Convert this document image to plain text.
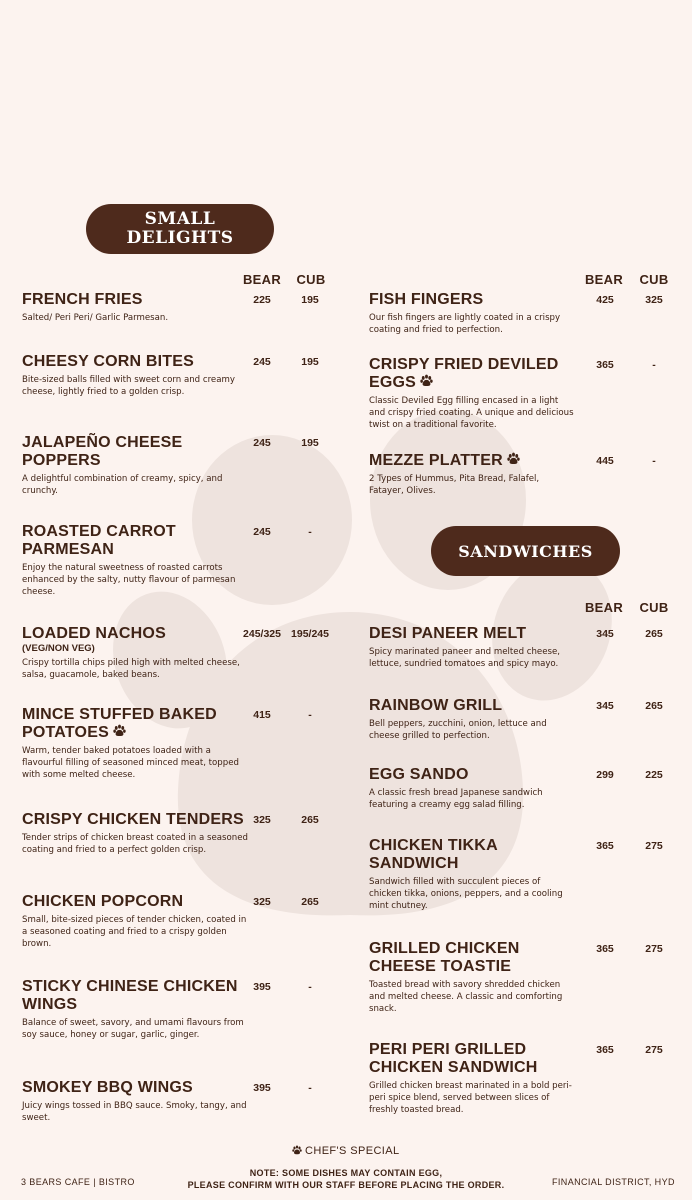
SMALL
DELIGHTS
SANDWICHES
BEAR	CUB	BEAR	CUB
BEAR	CUB
FRENCH FRIES
Salted/ Peri Peri/ Garlic Parmesan.
225	195
CHEESY CORN BITES
Bite-sized balls filled with sweet corn and creamy cheese, lightly fried to a golden crisp.
245	195
JALAPEÑO CHEESE POPPERS
A delightful combination of creamy, spicy, and crunchy.
245	195
ROASTED CARROT PARMESAN
Enjoy the natural sweetness of roasted carrots enhanced by the salty, nutty flavour of parmesan cheese.
245	-
LOADED NACHOS
(VEG/NON VEG)
Crispy tortilla chips piled high with melted cheese, salsa, guacamole, baked beans.
245/325 195/245
MINCE STUFFED BAKED POTATOES
Warm, tender baked potatoes loaded with a flavourful filling of seasoned minced meat, topped with some melted cheese.
415	-
CRISPY CHICKEN TENDERS
Tender strips of chicken breast coated in a seasoned coating and fried to a perfect golden crisp.
325	265
CHICKEN POPCORN
Small, bite-sized pieces of tender chicken, coated in a seasoned coating and fried to a crispy golden brown.
325	265
STICKY CHINESE CHICKEN WINGS
Balance of sweet, savory, and umami flavours from soy sauce, honey or sugar, garlic, ginger.
395	-
SMOKEY BBQ WINGS
Juicy wings tossed in BBQ sauce. Smoky, tangy, and sweet.
395	-
FISH FINGERS
Our fish fingers are lightly coated in a crispy coating and fried to perfection.
425	325
CRISPY FRIED DEVILED EGGS
Classic Deviled Egg filling encased in a light and crispy fried coating. A unique and delicious twist on a traditional favorite.
365	-
MEZZE PLATTER
2 Types of Hummus, Pita Bread, Falafel, Fatayer, Olives.
445	-
DESI PANEER MELT
Spicy marinated paneer and melted cheese, lettuce, sundried tomatoes and spicy mayo.
345	265
RAINBOW GRILL
Bell peppers, zucchini, onion, lettuce and cheese grilled to perfection.
345	265
EGG SANDO
A classic fresh bread Japanese sandwich featuring a creamy egg salad filling.
299	225
CHICKEN TIKKA SANDWICH
Sandwich filled with succulent pieces of chicken tikka, onions, peppers, and a cooling mint chutney.
365	275
GRILLED CHICKEN CHEESE TOASTIE
Toasted bread with savory shredded chicken and melted cheese. A classic and comforting snack.
365	275
PERI PERI GRILLED CHICKEN SANDWICH
Grilled chicken breast marinated in a bold peri-peri spice blend, served between slices of freshly toasted bread.
365	275
CHEF'S SPECIAL
3 BEARS CAFE | BISTRO
NOTE: SOME DISHES MAY CONTAIN EGG,
PLEASE CONFIRM WITH OUR STAFF BEFORE PLACING THE ORDER.	FINANCIAL DISTRICT, HYD
